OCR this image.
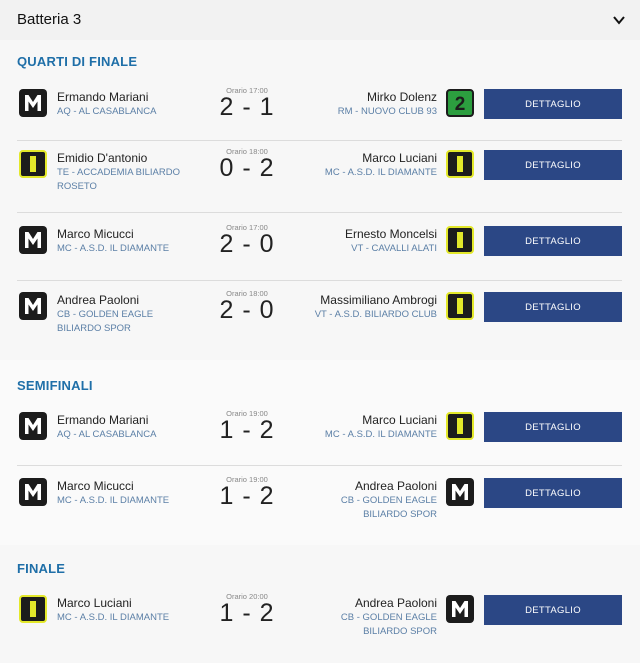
Batteria 3
QUARTI DI FINALE
SEMIFINALI
FINALE
Ermando Mariani
AQ - AL CASABLANCA
Orario 17:00
2 - 1	Mirko Dolenz
RM - NUOVO CLUB 93 2	DETTAGLIO
Emidio D'antonio
TE - ACCADEMIA BILIARDO ROSETO
Orario 18:00
0 - 2	Marco Luciani
MC - A.S.D. IL DIAMANTE
DETTAGLIO
Marco Micucci
MC - A.S.D. IL DIAMANTE
Orario 17:00
2 - 0	Ernesto Moncelsi
VT - CAVALLI ALATI
DETTAGLIO
Andrea Paoloni
CB - GOLDEN EAGLE BILIARDO SPOR
Orario 18:00
2 - 0	Massimiliano Ambrogi
VT - A.S.D. BILIARDO CLUB
DETTAGLIO
Ermando Mariani
AQ - AL CASABLANCA
Orario 19:00
1 - 2	Marco Luciani
MC - A.S.D. IL DIAMANTE
DETTAGLIO
Marco Micucci
MC - A.S.D. IL DIAMANTE
Orario 19:00
1 - 2	Andrea Paoloni
CB - GOLDEN EAGLE BILIARDO SPOR
DETTAGLIO
Marco Luciani
MC - A.S.D. IL DIAMANTE
Orario 20:00
1 - 2	Andrea Paoloni
CB - GOLDEN EAGLE BILIARDO SPOR
DETTAGLIO
